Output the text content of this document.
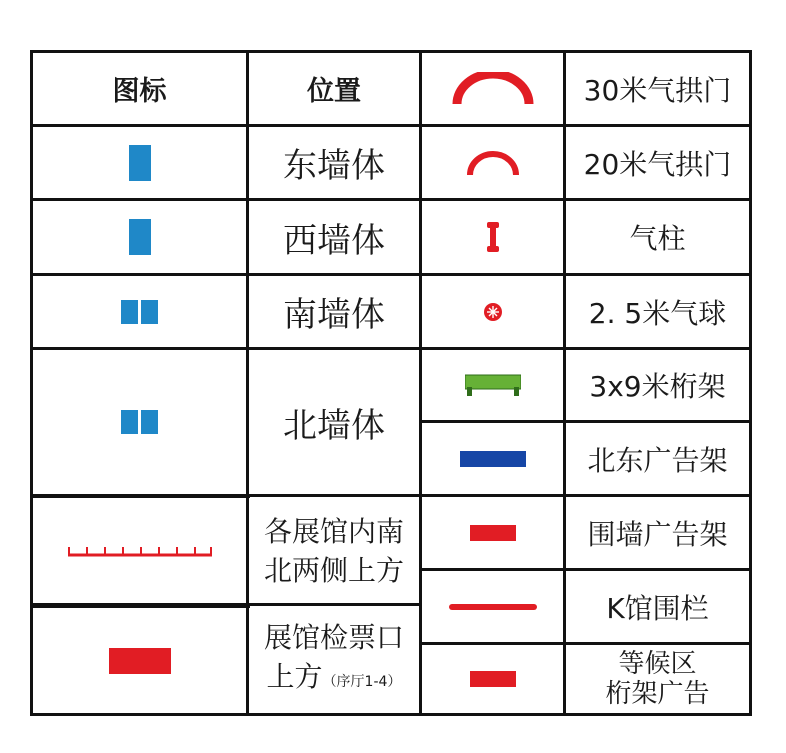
图标	位置
东墙体
西墙体
南墙体
北墙体
各展馆内南
北两侧上方
展馆检票口
上方（序厅1-4）
30米气拱门
20米气拱门
气柱
2. 5米气球
3x9米桁架
北东广告架
围墙广告架
K馆围栏
等候区
桁架广告
